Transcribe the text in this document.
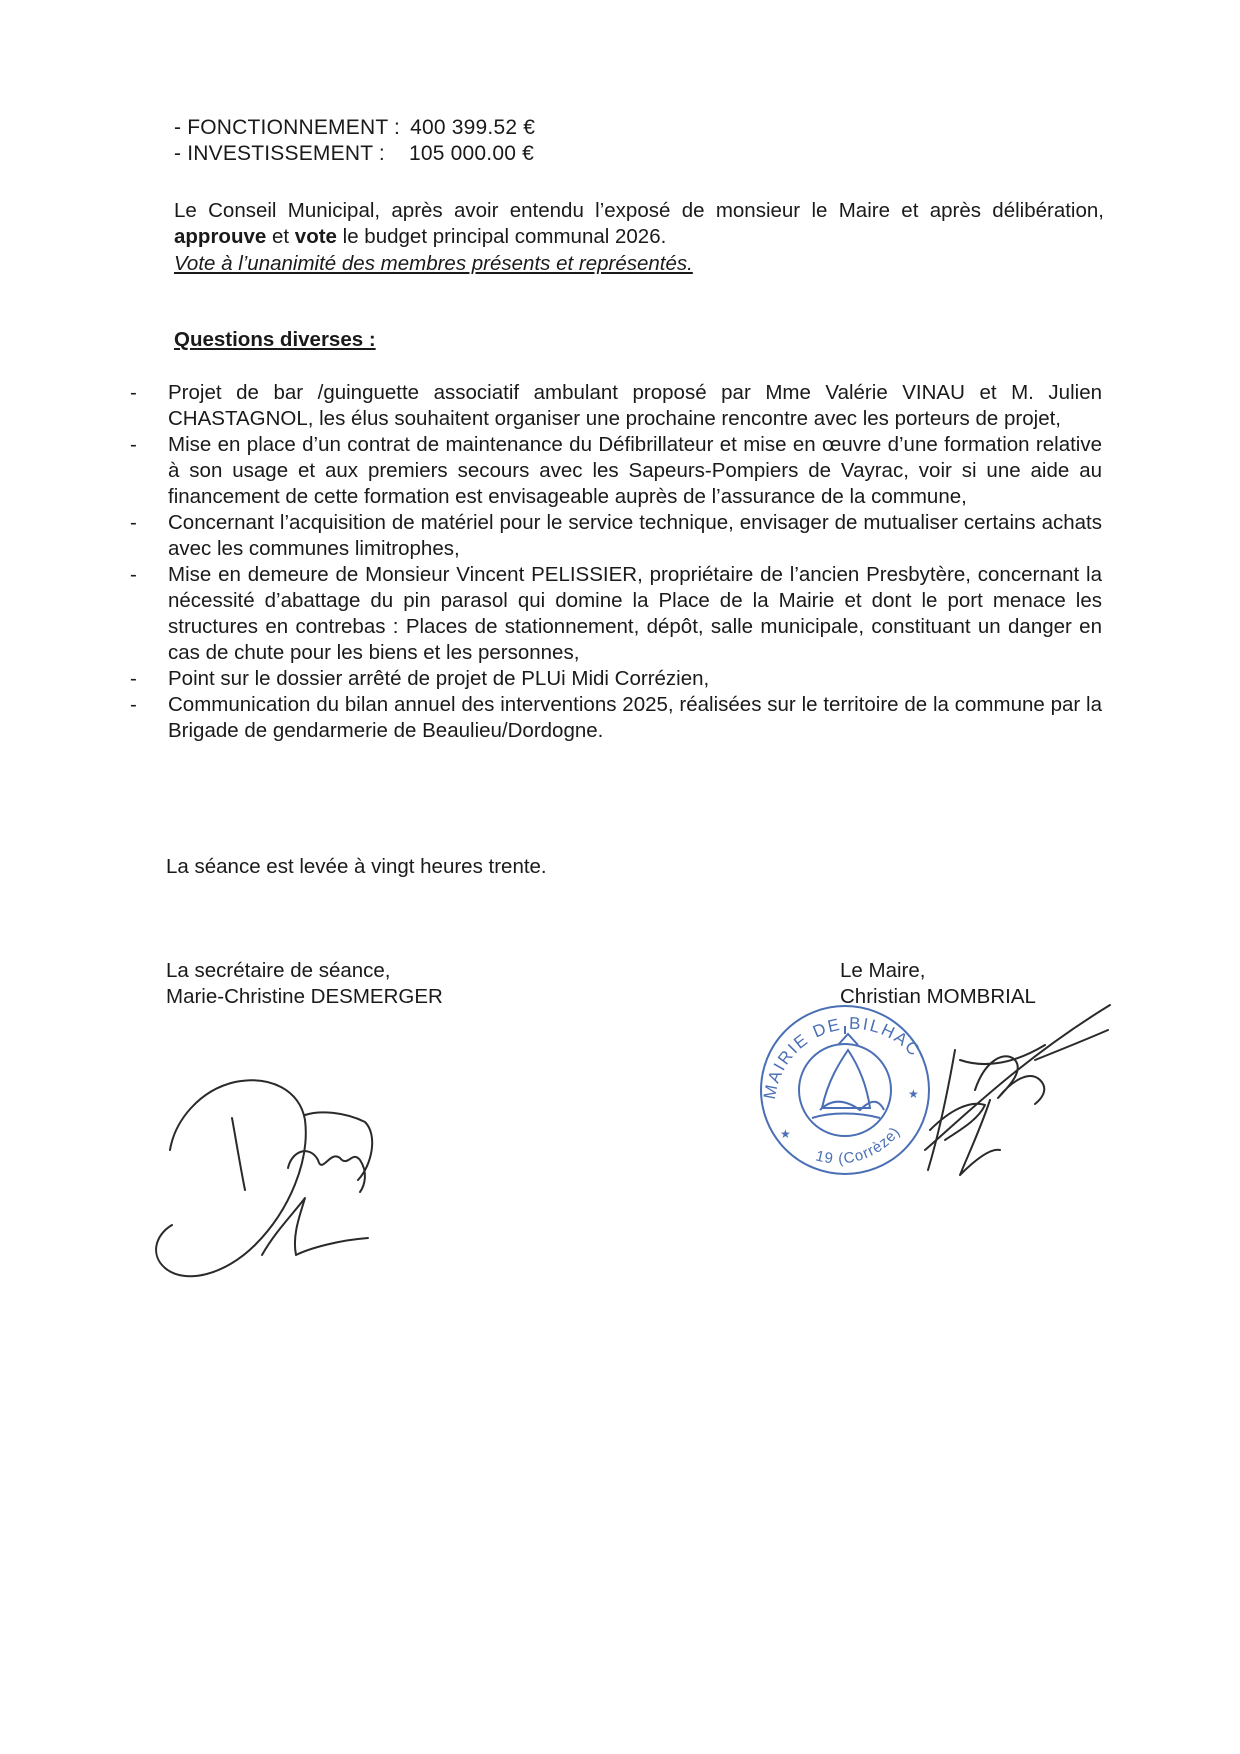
- FONCTIONNEMENT : 400 399.52 €
- INVESTISSEMENT : 105 000.00 €
Le Conseil Municipal, après avoir entendu l’exposé de monsieur le Maire et après délibération, approuve et vote le budget principal communal 2026.
Vote à l’unanimité des membres présents et représentés.
Questions diverses :
- Projet de bar /guinguette associatif ambulant proposé par Mme Valérie VINAU et M. Julien CHASTAGNOL, les élus souhaitent organiser une prochaine rencontre avec les porteurs de projet,
- Mise en place d’un contrat de maintenance du Défibrillateur et mise en œuvre d’une formation relative à son usage et aux premiers secours avec les Sapeurs-Pompiers de Vayrac, voir si une aide au financement de cette formation est envisageable auprès de l’assurance de la commune,
- Concernant l’acquisition de matériel pour le service technique, envisager de mutualiser certains achats avec les communes limitrophes,
- Mise en demeure de Monsieur Vincent PELISSIER, propriétaire de l’ancien Presbytère, concernant la nécessité d’abattage du pin parasol qui domine la Place de la Mairie et dont le port menace les structures en contrebas : Places de stationnement, dépôt, salle municipale, constituant un danger en cas de chute pour les biens et les personnes,
- Point sur le dossier arrêté de projet de PLUi Midi Corrézien,
- Communication du bilan annuel des interventions 2025, réalisées sur le territoire de la commune par la Brigade de gendarmerie de Beaulieu/Dordogne.
La séance est levée à vingt heures trente.
La secrétaire de séance,
Marie-Christine DESMERGER
Le Maire,
Christian MOMBRIAL
MAIRIE DE BILHAC
19 (Corrèze)
★
★
